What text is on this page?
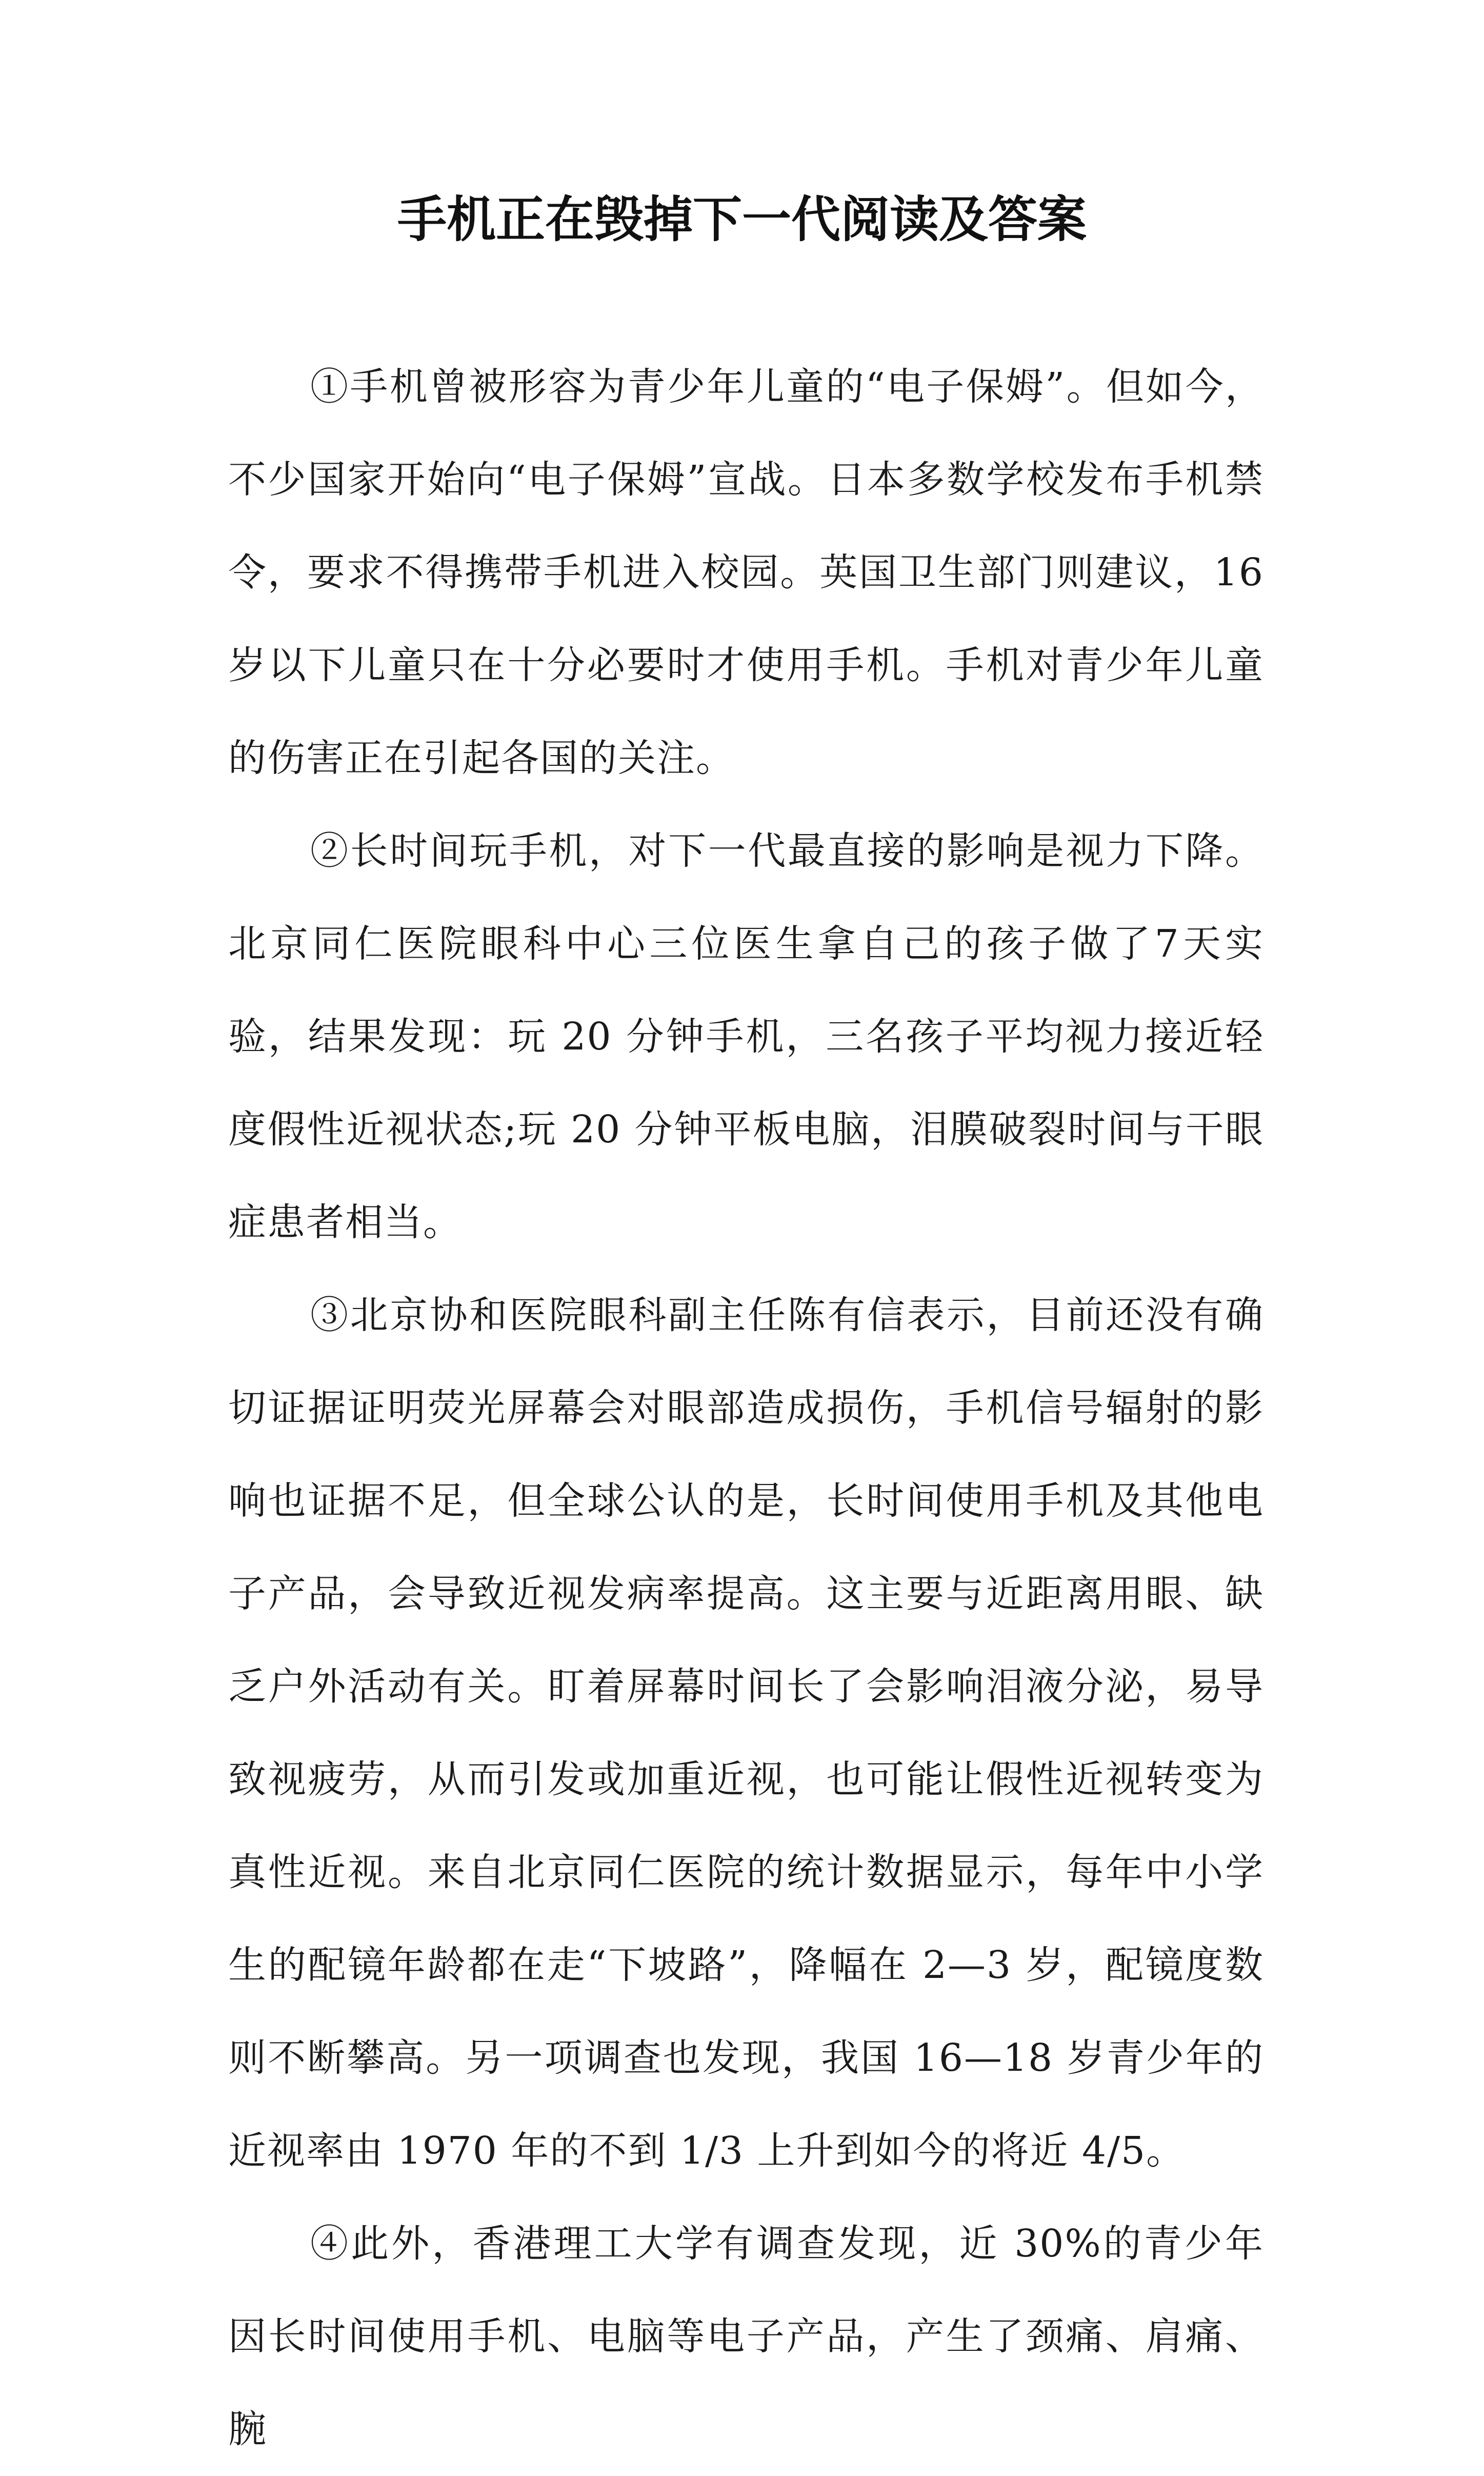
手机正在毁掉下一代阅读及答案

①手机曾被形容为青少年儿童的“电子保姆”。但如今，不少国家开始向“电子保姆”宣战。日本多数学校发布手机禁令，要求不得携带手机进入校园。英国卫生部门则建议，16 岁以下儿童只在十分必要时才使用手机。手机对青少年儿童的伤害正在引起各国的关注。

②长时间玩手机，对下一代最直接的影响是视力下降。北京同仁医院眼科中心三位医生拿自己的孩子做了7天实验，结果发现：玩 20 分钟手机，三名孩子平均视力接近轻度假性近视状态;玩 20 分钟平板电脑，泪膜破裂时间与干眼症患者相当。

③北京协和医院眼科副主任陈有信表示，目前还没有确切证据证明荧光屏幕会对眼部造成损伤，手机信号辐射的影响也证据不足，但全球公认的是，长时间使用手机及其他电子产品，会导致近视发病率提高。这主要与近距离用眼、缺乏户外活动有关。盯着屏幕时间长了会影响泪液分泌，易导致视疲劳，从而引发或加重近视，也可能让假性近视转变为真性近视。来自北京同仁医院的统计数据显示，每年中小学生的配镜年龄都在走“下坡路”，降幅在 2—3 岁，配镜度数则不断攀高。另一项调查也发现，我国 16—18 岁青少年的近视率由 1970 年的不到 1/3 上升到如今的将近 4/5。

④此外，香港理工大学有调查发现，近 30%的青少年因长时间使用手机、电脑等电子产品，产生了颈痛、肩痛、腕
